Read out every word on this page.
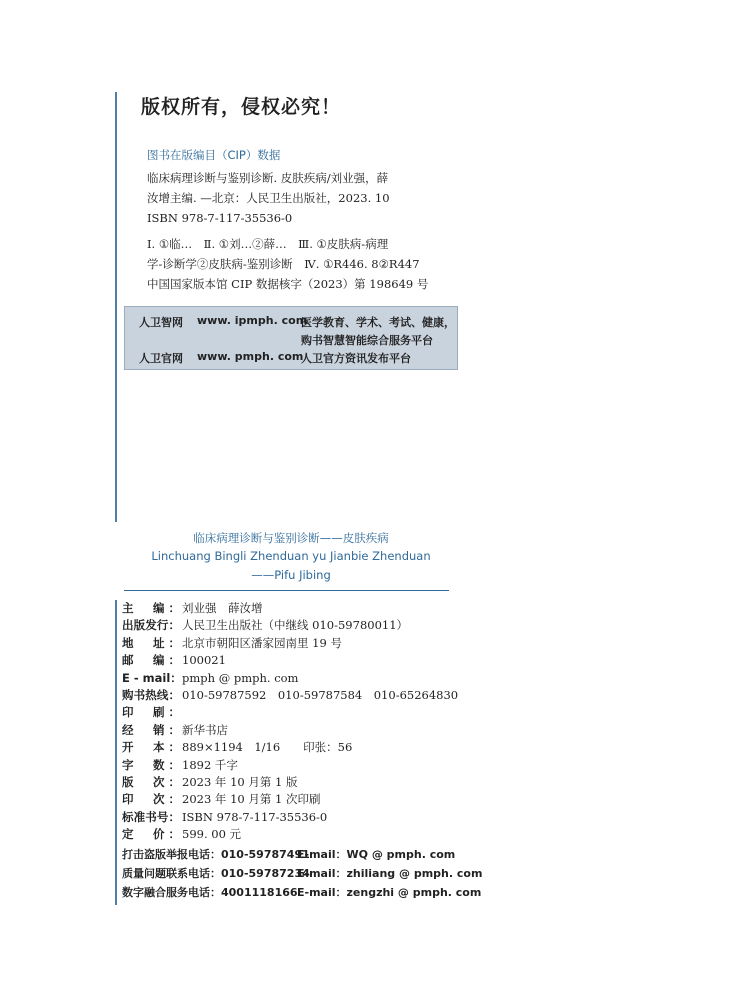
版权所有，侵权必究！
图书在版编目（CIP）数据
临床病理诊断与鉴别诊断. 皮肤疾病/刘业强，薛
汝增主编. —北京：人民卫生出版社，2023. 10
ISBN 978-7-117-35536-0
Ⅰ. ①临…　Ⅱ. ①刘…②薛…　Ⅲ. ①皮肤病-病理
学-诊断学②皮肤病-鉴别诊断　Ⅳ. ①R446. 8②R447
中国国家版本馆 CIP 数据核字（2023）第 198649 号
人卫智网 www. ipmph. com
医学教育、学术、考试、健康，
购书智慧智能综合服务平台
人卫官网 www. pmph. com
人卫官方资讯发布平台
临床病理诊断与鉴别诊断——皮肤疾病
Linchuang Bingli Zhenduan yu Jianbie Zhenduan
——Pifu Jibing
主　编： 刘业强　薛汝增
出版发行： 人民卫生出版社（中继线 010-59780011）
地　址： 北京市朝阳区潘家园南里 19 号
邮　编： 100021
E - mail：pmph @ pmph. com
购书热线： 010-59787592　010-59787584　010-65264830
印　刷：
经　销： 新华书店
开　本： 889×1194　1/16　　印张：56
字　数： 1892 千字
版　次： 2023 年 10 月第 1 版
印　次： 2023 年 10 月第 1 次印刷
标准书号： ISBN 978-7-117-35536-0
定　价： 599. 00 元
打击盗版举报电话：010-59787491
E-mail：WQ @ pmph. com
质量问题联系电话：010-59787234
E-mail：zhiliang @ pmph. com
数字融合服务电话：4001118166 E-mail：zengzhi @ pmph. com
